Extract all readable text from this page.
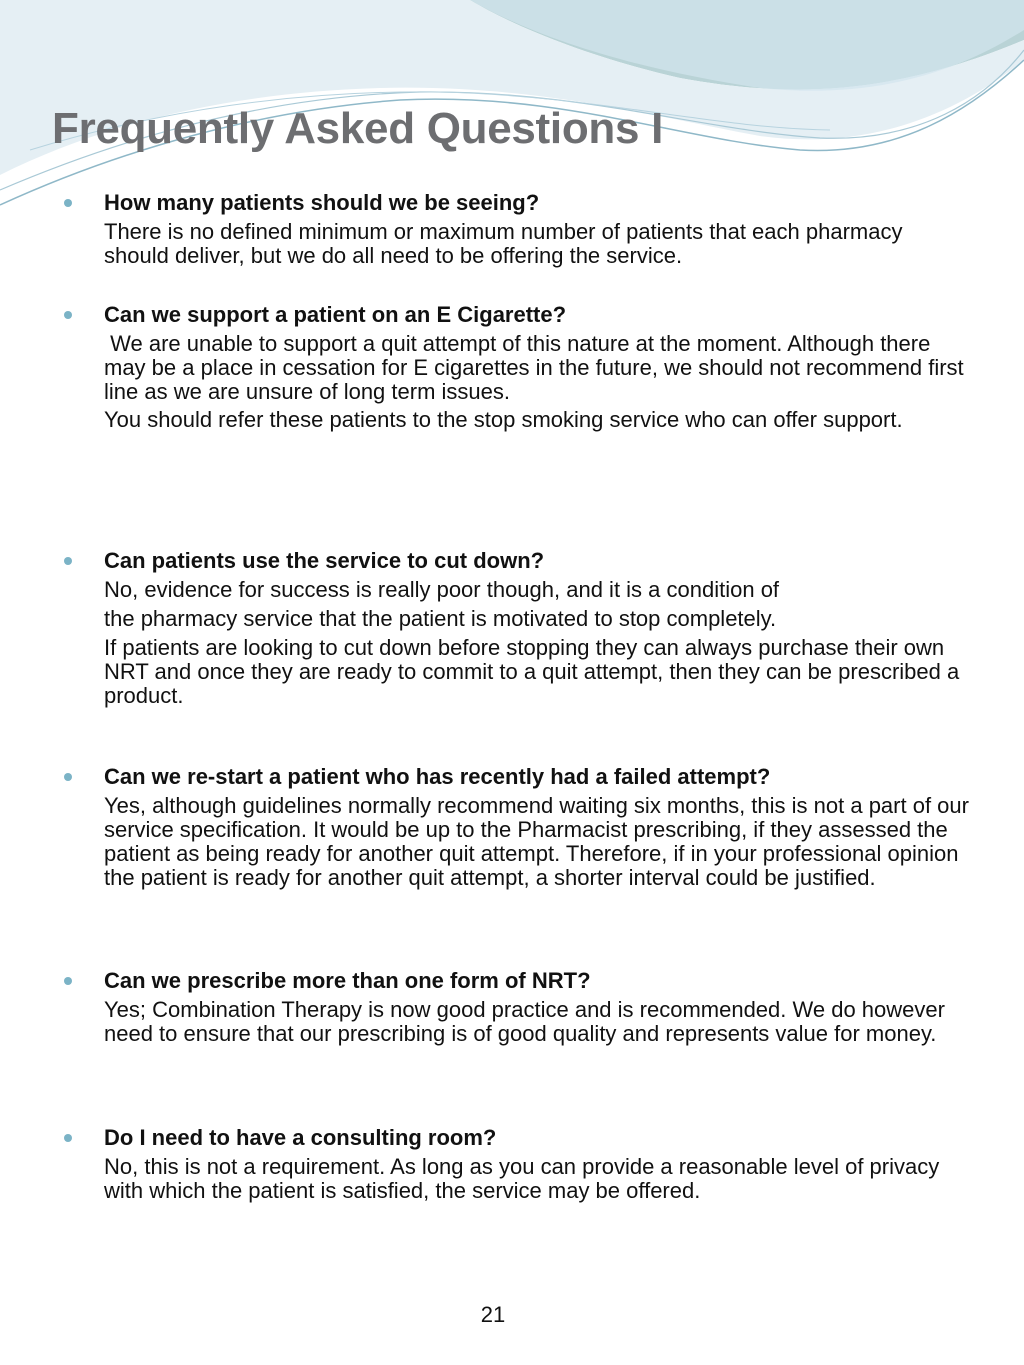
Frequently Asked Questions I

How many patients should we be seeing?

There is no defined minimum or maximum number of patients that each pharmacy should deliver, but we do all need to be offering the service.

Can we support a patient on an E Cigarette?

We are unable to support a quit attempt of this nature at the moment. Although there may be a place in cessation for E cigarettes in the future, we should not recommend first line as we are unsure of long term issues.

You should refer these patients to the stop smoking service who can offer support.

Can patients use the service to cut down?

No, evidence for success is really poor though, and it is a condition of

the pharmacy service that the patient is motivated to stop completely.

If patients are looking to cut down before stopping they can always purchase their own NRT and once they are ready to commit to a quit attempt, then they can be prescribed a product.

Can we re-start a patient who has recently had a failed attempt?

Yes, although guidelines normally recommend waiting six months, this is not a part of our service specification. It would be up to the Pharmacist prescribing, if they assessed the patient as being ready for another quit attempt. Therefore, if in your professional opinion the patient is ready for another quit attempt, a shorter interval could be justified.

Can we prescribe more than one form of NRT?

Yes; Combination Therapy is now good practice and is recommended. We do however need to ensure that our prescribing is of good quality and represents value for money.

Do I need to have a consulting room?

No, this is not a requirement. As long as you can provide a reasonable level of privacy with which the patient is satisfied, the service may be offered.

21
